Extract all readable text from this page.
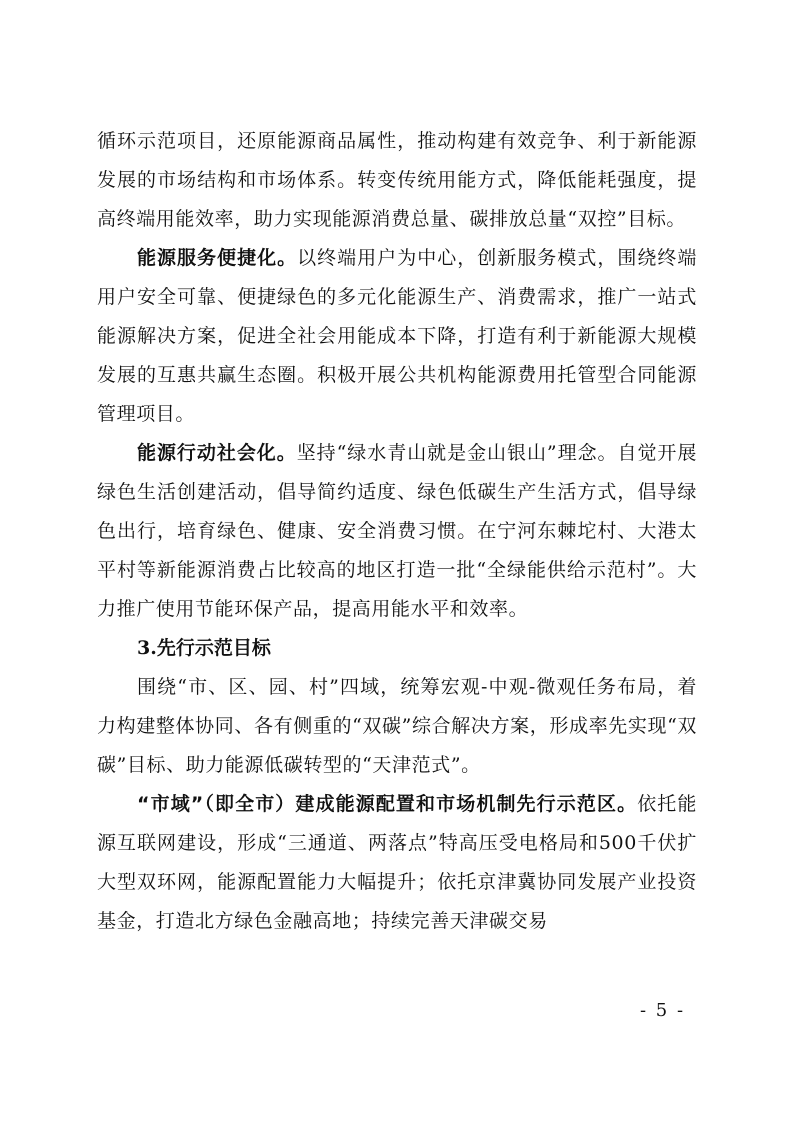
循环示范项目，还原能源商品属性，推动构建有效竞争、利于新能源发展的市场结构和市场体系。转变传统用能方式，降低能耗强度，提高终端用能效率，助力实现能源消费总量、碳排放总量“双控”目标。

能源服务便捷化。以终端用户为中心，创新服务模式，围绕终端用户安全可靠、便捷绿色的多元化能源生产、消费需求，推广一站式能源解决方案，促进全社会用能成本下降，打造有利于新能源大规模发展的互惠共赢生态圈。积极开展公共机构能源费用托管型合同能源管理项目。

能源行动社会化。坚持“绿水青山就是金山银山”理念。自觉开展绿色生活创建活动，倡导简约适度、绿色低碳生产生活方式，倡导绿色出行，培育绿色、健康、安全消费习惯。在宁河东棘坨村、大港太平村等新能源消费占比较高的地区打造一批“全绿能供给示范村”。大力推广使用节能环保产品，提高用能水平和效率。

3.先行示范目标

围绕“市、区、园、村”四域，统筹宏观-中观-微观任务布局，着力构建整体协同、各有侧重的“双碳”综合解决方案，形成率先实现“双碳”目标、助力能源低碳转型的“天津范式”。

“市域”（即全市）建成能源配置和市场机制先行示范区。依托能源互联网建设，形成“三通道、两落点”特高压受电格局和500千伏扩大型双环网，能源配置能力大幅提升；依托京津冀协同发展产业投资基金，打造北方绿色金融高地；持续完善天津碳交易

- 5 -
